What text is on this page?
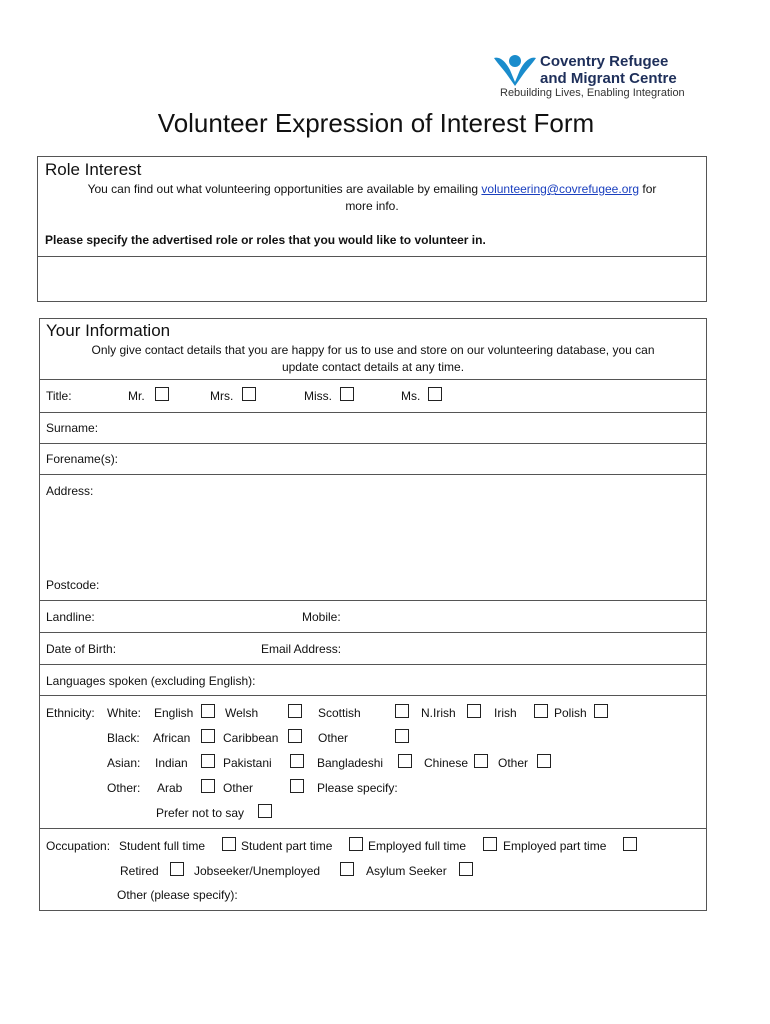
Coventry Refugee
and Migrant Centre
Rebuilding Lives, Enabling Integration
Volunteer Expression of Interest Form
Role Interest
You can find out what volunteering opportunities are available by emailing volunteering@covrefugee.org for
more info.
Please specify the advertised role or roles that you would like to volunteer in.
Your Information
Only give contact details that you are happy for us to use and store on our volunteering database, you can
update contact details at any time.
Title:	Mr.	Mrs.	Miss.	Ms.
Surname:
Forename(s):
Address:
Postcode:
Landline:	Mobile:
Date of Birth:	Email Address:
Languages spoken (excluding English):
Ethnicity: White: English	Welsh	Scottish	N.Irish	Irish	Polish
Black: African	Caribbean	Other
Asian: Indian	Pakistani	Bangladeshi	Chinese Other
Other: Arab	Other	Please specify:
Prefer not to say
Occupation: Student full time	Student part time	Employed full time	Employed part time
Retired	Jobseeker/Unemployed	Asylum Seeker
Other (please specify):
